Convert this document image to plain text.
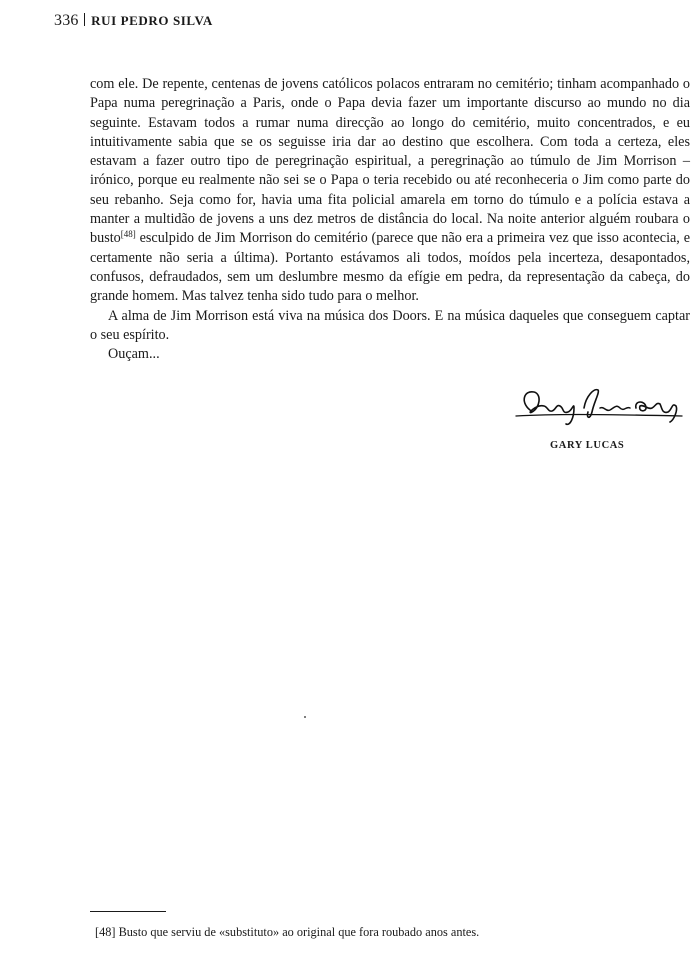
336 RUI PEDRO SILVA

com ele. De repente, centenas de jovens católicos polacos entraram no cemitério; tinham acompanhado o Papa numa peregrinação a Paris, onde o Papa devia fazer um importante discurso ao mundo no dia seguinte. Estavam todos a rumar numa direcção ao longo do cemitério, muito concentrados, e eu intuitivamente sabia que se os seguisse iria dar ao destino que escolhera. Com toda a certeza, eles estavam a fazer outro tipo de peregrinação espiritual, a peregrinação ao túmulo de Jim Morrison – irónico, porque eu realmente não sei se o Papa o teria recebido ou até reconheceria o Jim como parte do seu rebanho. Seja como for, havia uma fita policial amarela em torno do túmulo e a polícia estava a manter a multidão de jovens a uns dez metros de distância do local. Na noite anterior alguém roubara o busto[48] esculpido de Jim Morrison do cemitério (parece que não era a primeira vez que isso acontecia, e certamente não seria a última). Portanto estávamos ali todos, moídos pela incerteza, desapontados, confusos, defraudados, sem um deslumbre mesmo da efígie em pedra, da representação da cabeça, do grande homem. Mas talvez tenha sido tudo para o melhor.

A alma de Jim Morrison está viva na música dos Doors. E na música daqueles que conseguem captar o seu espírito.

Ouçam...

GARY LUCAS
[48] Busto que serviu de «substituto» ao original que fora roubado anos antes.
